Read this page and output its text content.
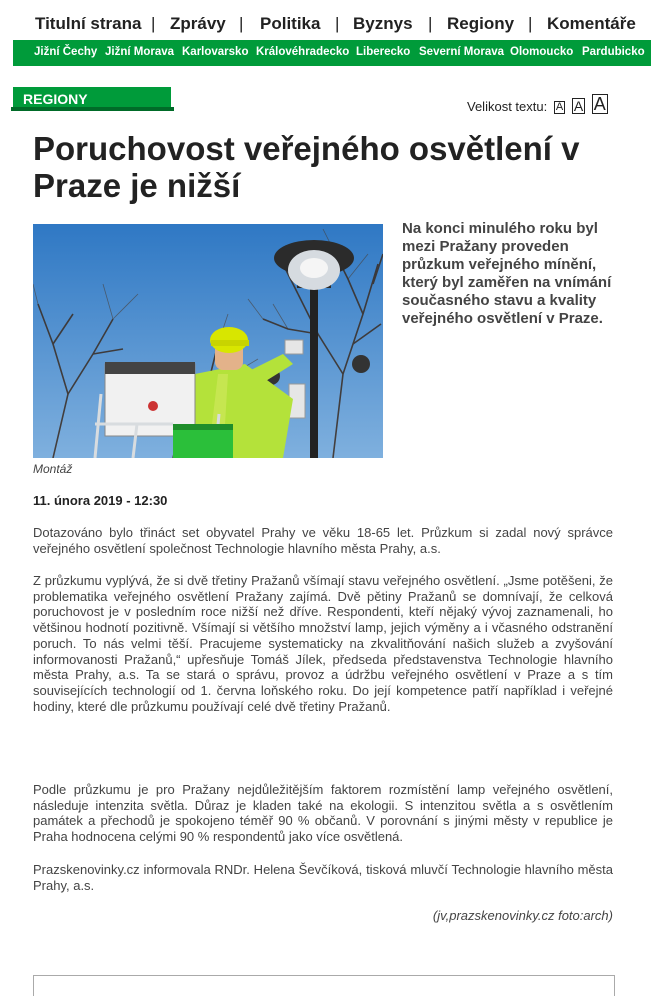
Titulní strana | Zprávy | Politika | Byznys | Regiony | Komentáře
Jižní Čechy Jižní Morava Karlovarsko Královéhradecko Liberecko Severní Morava Olomoucko Pardubicko
REGIONY	Velikost textu: A A A
Poruchovost veřejného osvětlení v Praze je nižší
Montáž

Na konci minulého roku byl mezi Pražany proveden průzkum veřejného mínění, který byl zaměřen na vnímání současného stavu a kvality veřejného osvětlení v Praze.

11. února 2019 - 12:30

Dotazováno bylo třináct set obyvatel Prahy ve věku 18-65 let. Průzkum si zadal nový správce veřejného osvětlení společnost Technologie hlavního města Prahy, a.s.

Z průzkumu vyplývá, že si dvě třetiny Pražanů všímají stavu veřejného osvětlení. „Jsme potěšeni, že problematika veřejného osvětlení Pražany zajímá. Dvě pětiny Pražanů se domnívají, že celková poruchovost je v posledním roce nižší než dříve. Respondenti, kteří nějaký vývoj zaznamenali, ho většinou hodnotí pozitivně. Všímají si většího množství lamp, jejich výměny a i včasného odstranění poruch. To nás velmi těší. Pracujeme systematicky na zkvalitňování našich služeb a zvyšování informovanosti Pražanů,“ upřesňuje Tomáš Jílek, předseda představenstva Technologie hlavního města Prahy, a.s. Ta se stará o správu, provoz a údržbu veřejného osvětlení v Praze a s tím souvisejících technologií od 1. června loňského roku. Do její kompetence patří například i veřejné hodiny, které dle průzkumu používají celé dvě třetiny Pražanů.

Podle průzkumu je pro Pražany nejdůležitějším faktorem rozmístění lamp veřejného osvětlení, následuje intenzita světla. Důraz je kladen také na ekologii. S intenzitou světla a s osvětlením památek a přechodů je spokojeno téměř 90 % občanů. V porovnání s jinými městy v republice je Praha hodnocena celými 90 % respondentů jako více osvětlená.

Prazskenovinky.cz informovala RNDr. Helena Ševčíková, tisková mluvčí Technologie hlavního města Prahy, a.s.

(jv,prazskenovinky.cz foto:arch)
